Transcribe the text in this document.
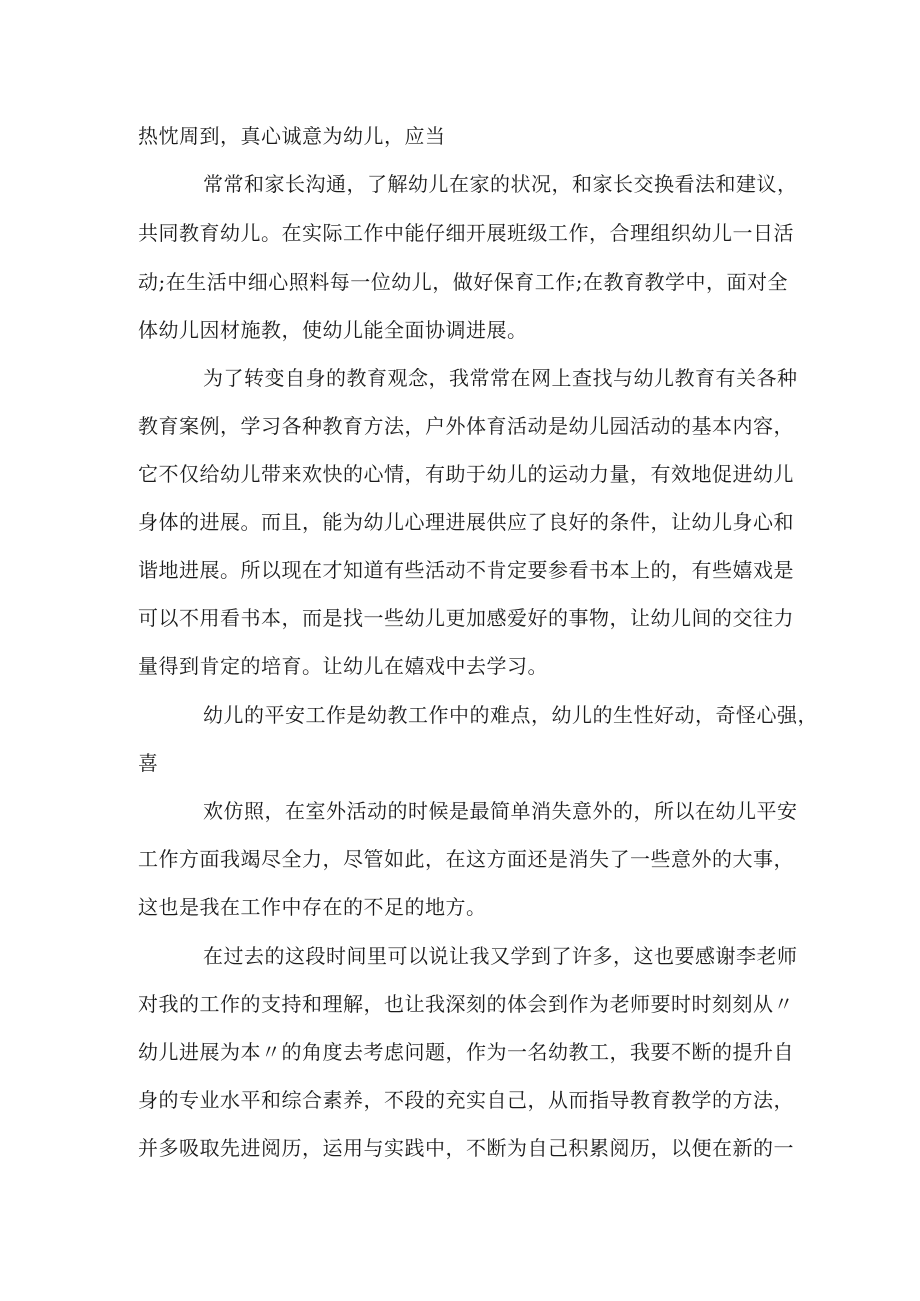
热忱周到，真心诚意为幼儿，应当
常常和家长沟通，了解幼儿在家的状况，和家长交换看法和建议，
共同教育幼儿。在实际工作中能仔细开展班级工作，合理组织幼儿一日活
动;在生活中细心照料每一位幼儿，做好保育工作;在教育教学中，面对全
体幼儿因材施教，使幼儿能全面协调进展。
为了转变自身的教育观念，我常常在网上查找与幼儿教育有关各种
教育案例，学习各种教育方法，户外体育活动是幼儿园活动的基本内容，
它不仅给幼儿带来欢快的心情，有助于幼儿的运动力量，有效地促进幼儿
身体的进展。而且，能为幼儿心理进展供应了良好的条件，让幼儿身心和
谐地进展。所以现在才知道有些活动不肯定要参看书本上的，有些嬉戏是
可以不用看书本，而是找一些幼儿更加感爱好的事物，让幼儿间的交往力
量得到肯定的培育。让幼儿在嬉戏中去学习。
幼儿的平安工作是幼教工作中的难点，幼儿的生性好动，奇怪心强，
喜
欢仿照，在室外活动的时候是最简单消失意外的，所以在幼儿平安
工作方面我竭尽全力，尽管如此，在这方面还是消失了一些意外的大事，
这也是我在工作中存在的不足的地方。
在过去的这段时间里可以说让我又学到了许多，这也要感谢李老师
对我的工作的支持和理解，也让我深刻的体会到作为老师要时时刻刻从〃
幼儿进展为本〃的角度去考虑问题，作为一名幼教工，我要不断的提升自
身的专业水平和综合素养，不段的充实自己，从而指导教育教学的方法，
并多吸取先进阅历，运用与实践中，不断为自己积累阅历，以便在新的一
